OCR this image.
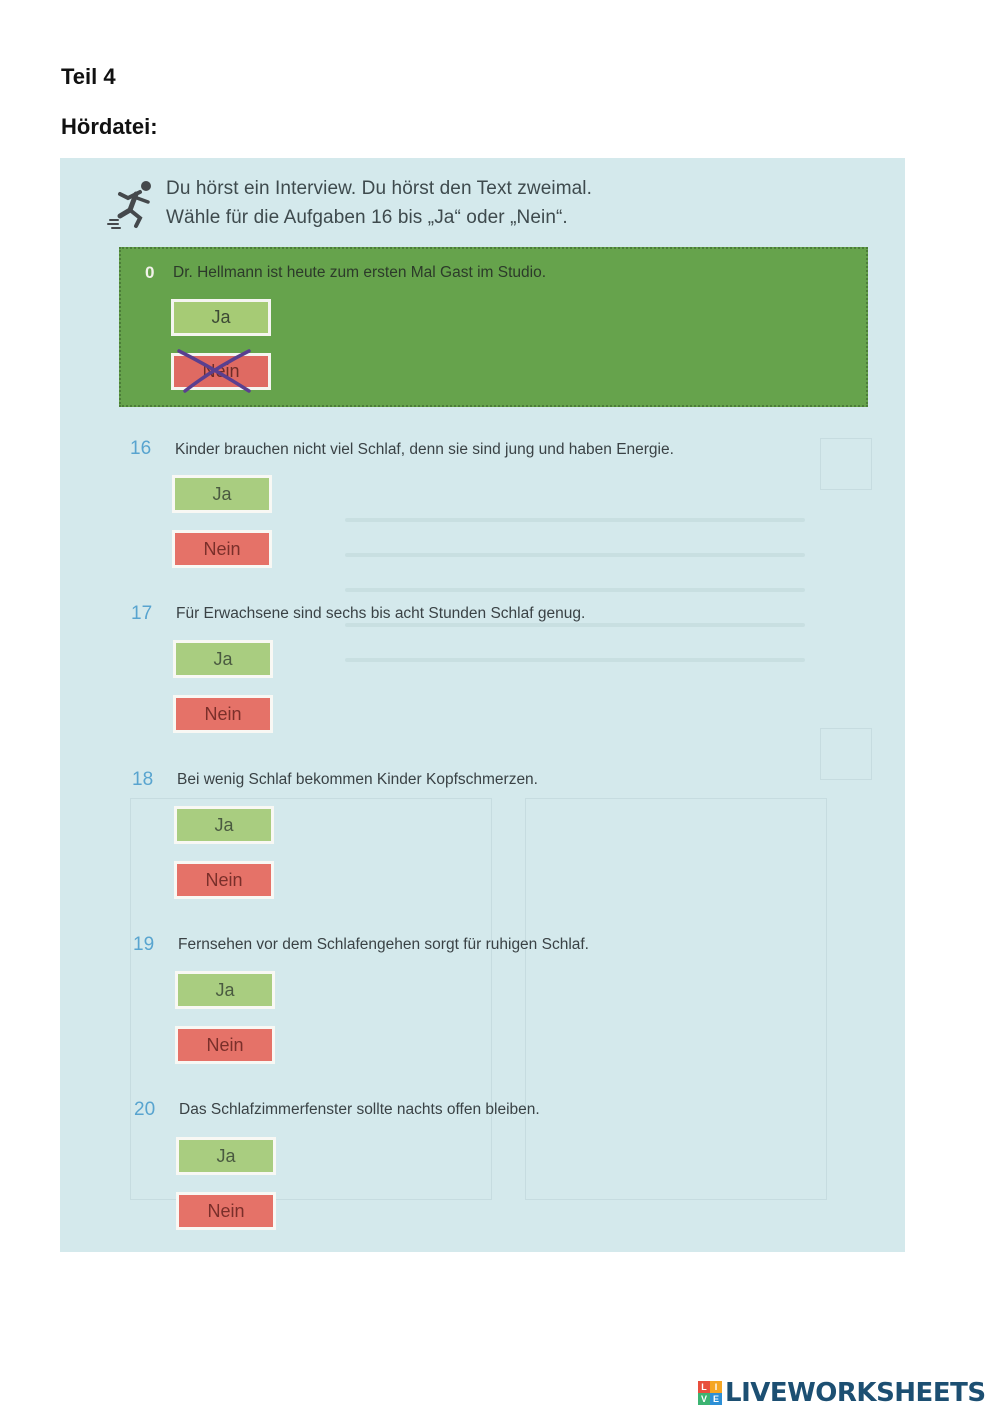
Teil 4
Hördatei:
Du hörst ein Interview. Du hörst den Text zweimal.
Wähle für die Aufgaben 16 bis „Ja“ oder „Nein“.
0 Dr. Hellmann ist heute zum ersten Mal Gast im Studio.
Ja
Nein
16 Kinder brauchen nicht viel Schlaf, denn sie sind jung und haben Energie.
Ja
Nein
17 Für Erwachsene sind sechs bis acht Stunden Schlaf genug.
Ja
Nein
18 Bei wenig Schlaf bekommen Kinder Kopfschmerzen.
Ja
Nein
19 Fernsehen vor dem Schlafengehen sorgt für ruhigen Schlaf.
Ja
Nein
20 Das Schlafzimmerfenster sollte nachts offen bleiben.
Ja
Nein
L I
V E LIVEWORKSHEETS
